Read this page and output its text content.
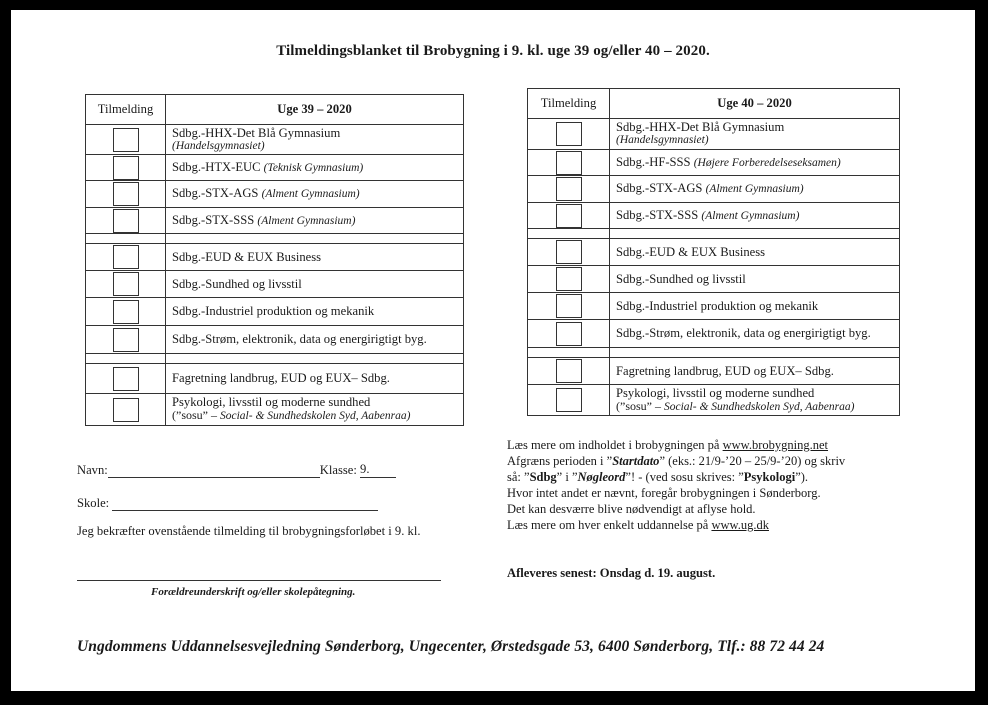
Tilmeldingsblanket til Brobygning i 9. kl. uge 39 og/eller 40 – 2020.
Tilmelding	Uge 39 – 2020
	Sdbg.-HHX-Det Blå Gymnasium
(Handelsgymnasiet)

	Sdbg.-HTX-EUC (Teknisk Gymnasium)
	Sdbg.-STX-AGS (Alment Gymnasium)
	Sdbg.-STX-SSS (Alment Gymnasium)

	Sdbg.-EUD & EUX Business
	Sdbg.-Sundhed og livsstil
	Sdbg.-Industriel produktion og mekanik
	Sdbg.-Strøm, elektronik, data og energirigtigt byg.

	Fagretning landbrug, EUD og EUX– Sdbg.
	Psykologi, livsstil og moderne sundhed
(”sosu” – Social- & Sundhedskolen Syd, Aabenraa)
Tilmelding	Uge 40 – 2020
	Sdbg.-HHX-Det Blå Gymnasium
(Handelsgymnasiet)

	Sdbg.-HF-SSS (Højere Forberedelseseksamen)
	Sdbg.-STX-AGS (Alment Gymnasium)
	Sdbg.-STX-SSS (Alment Gymnasium)

	Sdbg.-EUD & EUX Business
	Sdbg.-Sundhed og livsstil
	Sdbg.-Industriel produktion og mekanik
	Sdbg.-Strøm, elektronik, data og energirigtigt byg.

	Fagretning landbrug, EUD og EUX– Sdbg.
	Psykologi, livsstil og moderne sundhed
(”sosu” – Social- & Sundhedskolen Syd, Aabenraa)
Navn:	Klasse: 9.
Skole:
Jeg bekræfter ovenstående tilmelding til brobygningsforløbet i 9. kl.
Forældreunderskrift og/eller skolepåtegning.
Læs mere om indholdet i brobygningen på www.brobygning.net
Afgræns perioden i ”Startdato” (eks.: 21/9-’20 – 25/9-’20) og skriv
så: ”Sdbg” i ”Nøgleord”! - (ved sosu skrives: ”Psykologi”).
Hvor intet andet er nævnt, foregår brobygningen i Sønderborg.
Det kan desværre blive nødvendigt at aflyse hold.
Læs mere om hver enkelt uddannelse på www.ug.dk
Afleveres senest: Onsdag d. 19. august.
Ungdommens Uddannelsesvejledning Sønderborg, Ungecenter, Ørstedsgade 53, 6400 Sønderborg, Tlf.: 88 72 44 24
